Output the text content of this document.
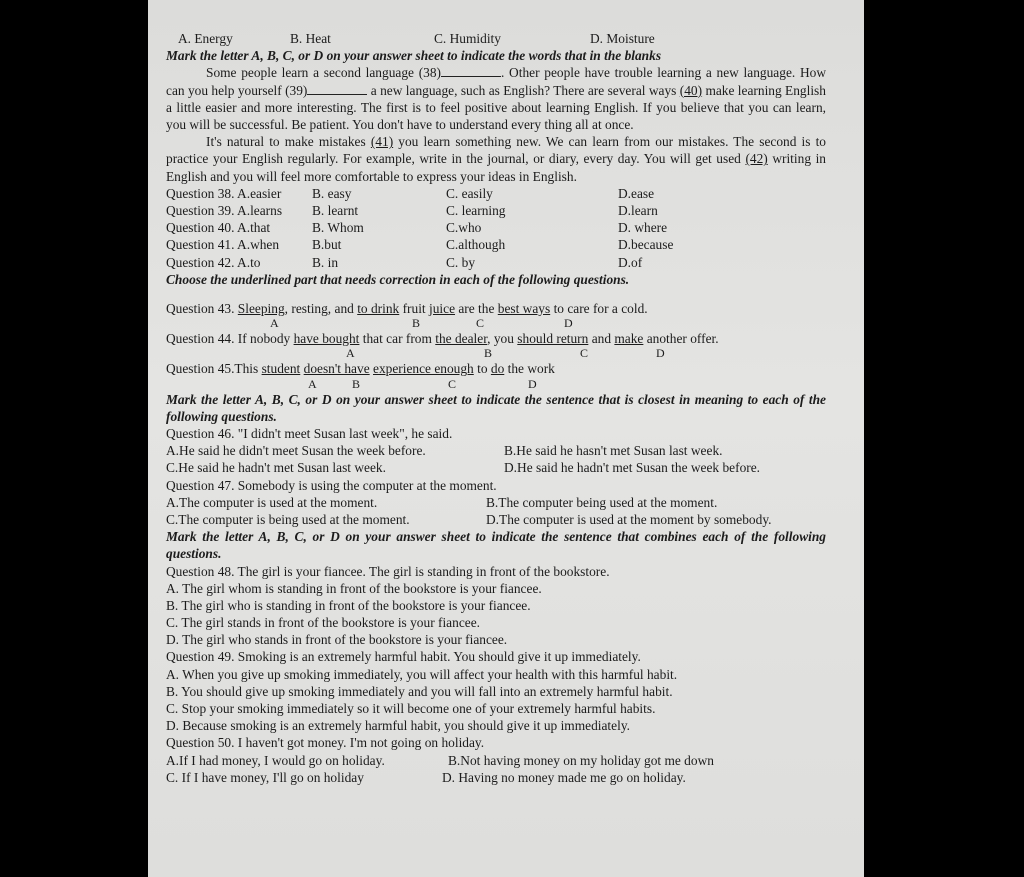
A. Energy	B. Heat	C. Humidity	D. Moisture

Mark the letter A, B, C, or D on your answer sheet to indicate the words that in the blanks

Some people learn a second language (38)	. Other people have trouble learning a new language. How can you help yourself (39)	a new language, such as English? There are several ways (40) make learning English a little easier and more interesting. The first is to feel positive about learning English. If you believe that you can learn, you will be successful. Be patient. You don't have to understand every thing all at once.

It's natural to make mistakes (41) you learn something new. We can learn from our mistakes. The second is to practice your English regularly. For example, write in the journal, or diary, every day. You will get used (42) writing in English and you will feel more comfortable to express your ideas in English.

Question 38. A.easier B. easy	C. easily	D.ease
Question 39. A.learns B. learnt	C. learning	D.learn
Question 40. A.that	B. Whom	C.who	D. where
Question 41. A.when B.but	C.although	D.because
Question 42. A.to	B. in	C. by	D.of

Choose the underlined part that needs correction in each of the following questions.

Question 43. Sleeping, resting, and to drink fruit juice are the best ways to care for a cold.
A	B	C	D
Question 44. If nobody have bought that car from the dealer, you should return and make another offer.
A	B	C	D
Question 45.This student doesn't have experience enough to do the work
A	B	C	D

Mark the letter A, B, C, or D on your answer sheet to indicate the sentence that is closest in meaning to each of the following questions.

Question 46. "I didn't meet Susan last week", he said.
A.He said he didn't meet Susan the week before.	B.He said he hasn't met Susan last week.
C.He said he hadn't met Susan last week.	D.He said he hadn't met Susan the week before.
Question 47. Somebody is using the computer at the moment.
A.The computer is used at the moment.	B.The computer being used at the moment.
C.The computer is being used at the moment.	D.The computer is used at the moment by somebody.

Mark the letter A, B, C, or D on your answer sheet to indicate the sentence that combines each of the following questions.

Question 48. The girl is your fiancee. The girl is standing in front of the bookstore.
A. The girl whom is standing in front of the bookstore is your fiancee.
B. The girl who is standing in front of the bookstore is your fiancee.
C. The girl stands in front of the bookstore is your fiancee.
D. The girl who stands in front of the bookstore is your fiancee.
Question 49. Smoking is an extremely harmful habit. You should give it up immediately.
A. When you give up smoking immediately, you will affect your health with this harmful habit.
B. You should give up smoking immediately and you will fall into an extremely harmful habit.
C. Stop your smoking immediately so it will become one of your extremely harmful habits.
D. Because smoking is an extremely harmful habit, you should give it up immediately.
Question 50. I haven't got money. I'm not going on holiday.
A.If I had money, I would go on holiday.	B.Not having money on my holiday got me down
C. If I have money, I'll go on holiday	D. Having no money made me go on holiday.
